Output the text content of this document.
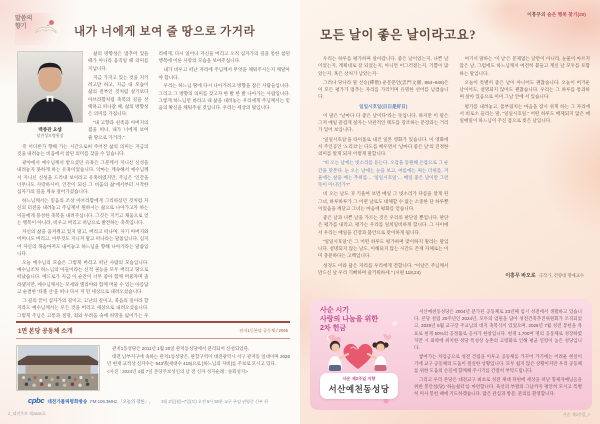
말씀의
향기	내가 너에게 보여 줄 땅으로 가거라
백종관 요셉
당진성모병원장

삶의 방향성은 멈추어 있을 때가 아니라 움직일 때 의미를 지닙니다.

지금 가지고 있는 것을 지키려고만 하고, 지금 내 모습이 삶의 전부인 것처럼 살기보다 아브라함처럼 축복의 길을 선택하고 떠나갈 때, 삶의 방향성은 의미를 가집니다.

“내 고향과 친족과 아버지의 집을 떠나, 내가 너에게 보여 줄 땅으로 가거라.”

즉 어디론가 향해 가는 시간으로써 주어진 삶의 의미는 지금의 것을 내려놓는 비움에서 참된 의미를 찾을 수 있습니다.

광야에서 예수님께서 받으셨던 유혹은 그분께서 지니신 신성을 내려놓지 못하게 하는 유혹이었습니다. 악마는 계속해서 예수님께서 지니신 신성을 드러내 보이라고 유혹하였지만, 주님은 ‘인간을 너무나도 사랑하시어, 인간이 되신 그 비움의 삶’에서부터 시작한 십자가의 길을 계속 걸어가셨습니다.

하느님께서는 믿음의 조상 아브라함에게 그리하셨던 것처럼 자신의 터전을 내려놓고 주님께서 원하시는 삶으로 나아가고자 하는 이들에게 풍성한 축복을 내려주십니다. 그것은 지키고 채움으로 얻는 행복이 아니라, 비우고 버리고 떠남으로 발견하는 축복입니다.

자신의 삶을 움켜쥐고 있지 말고, 버리고 떠나며, 자기 아버지와 어머니도 버리고, 아무것도 지니지 말고 떠나라는 말씀입니다. 심지어 자신의 목숨마저도 내어놓고 하느님을 향해 나아가라는 말씀입니다.

오늘 예수님의 모습은 그렇게 버리고 떠난 사람의 모습입니다. 예수님조차 하느님의 아들이라는 신적 권능을 모두 버리고 땅으로 떠났습니다. 베드로가 지금 이 순간이 너무 좋아 함께 머물자며 졸라댔지만, 예수님께서는 모세와 엘리야와 함께 머물 수 있는 아름답고 순결한 ‘타볼 산’을 떠나 다시 저 먼 세상으로 내려오셨습니다.

그 길의 끝이 십자가의 길이고, 고난의 길이고, 죽음의 길이라 할지라도 예수님께서는 모든 것을 버리고 세상으로 내려오셨습니다. 그렇게 주님은 고통과 절망, 죄와 두려움 속에 희망을 잃어가는 우리에게, 다시 일어나 자신을 버리고 오직 십자가의 길을 통한 참된 행복에 이른 사랑의 모습을 보여주십니다.

내가 비우고 떠난 자리에 주님께서 무엇을 채워주시는지 깨달아야 합니다.

우리는 하느님 땅에 다시 나아가려고 방향을 잡은 사람들입니다. 그리고 그 방향의 의미를 찾고자 한 발 한 발 나아가는 사람입니다. 그렇게 하느님만 바라고 내 삶을 내려놓는 우리에게 주님께서는 믿음의 확신을 채워주실 것입니다. 우리는 세상의 빛입니다.

1면 본당 공동체 소개	관저1동본당 공동체 / 2065

관저1동성당은 2011년 1월 20일 관저동성당에서 분리되어 신설되었다.

대전 남부지구에 속하는 관저1동성당은, 관할구역이 대전광역시 서구 관저동 일대이며 2026년 현재 교적상 신자수는 943명(세대수 419)으로 [하느님의 자비]를 주보로 모시고 있다.

<사진 : 2024년 4월 7일 본당주보성인의 날 전 신자 성지순례 : 솔뫼성지>

cpbc 대전가톨릭평화방송 FM 106.3MHz 「오늘의 강론」,	3월 2일(월)~7일(토) 오전 6시 50분 교구 주임 권영준 신부 편
2_대전주보 제2885호
이흥무의 숨은 행복 찾기(20)
모든 날이 좋은 날이라고요?

우리는 하루를 평가하며 살아갑니다. 좋은 날이었는지, 나쁜 날이었는지, 계획대로 잘 되었는지, 아니면 어그러졌는지, 기쁨이 많았는지, 혹은 상처가 남았는지-

그러나 당나라 말 선승(禪僧) 운문문언(雲門文偃, 864~949)은 이 모든 평가가 멈추는 자리를 가리키며 유명한 선어를 남겼습니다.

일일시호일(日日是好日)

이 말은 “날마다 다 좋은 날이다”라는 뜻입니다. 하지만 이 말은 그저 매일 즐겁게 살자는 낙관적인 태도를 강조하는 문장과는 거리가 있어 보입니다.

‘일일시호일’을 타이틀로 내건 일본 영화가 있습니다. 이 영화에서 주인공인 ‘노리코’는 다도를 배우면서 ‘날마다 좋은 날’의 진정한 의미를 알게 되자 이렇게 말합니다.

“비 오는 날에는 빗소리를 듣는다. 오감을 동원해 온몸으로 그 순간을 맛본다. 눈 오는 날에는 눈을 보고, 여름에는 찌는 더위를, 겨울에는 살을 베는 추위를… ‘일일시호일’… 매일 좋은 날이란 그런 뜻이 아니던가?”

비 오는 날도 귀 기울여 보면 매일 그 빗소리가 다름을 알게 된 그녀, 하루하루가 그 어떤 날로도 대체할 수 없는 소중한 단 하루뿐이었음을 깨닫고 그녀는 마음에 평화를 얻습니다.

좋은 날과 나쁜 날을 가르는 것은 우리의 판단일 뿐입니다. 판단은 평가를 내리고, 평가는 우리를 일희일비하게 합니다. 그 사이에서 우리는 매일을 긴장과 불안으로 맞이하게 됩니다.

“일일시호일”은 그 어떤 하루도 평가하며 맞이하지 말라는 말입니다. 설명되지 않는 날도, 이해되지 않는 시간도 존재 자체로는 이미 충분하다는 고백입니다.

성경도 이와 닮은 자리를 우리에게 전합니다. “이날은 주님께서 만드신 날 우리 기뻐하며 즐거워하세.” (시편 118,24)

여기서 말하는 ‘이 날’은 문제없는 날만이 아니라, 눈물이 마르지 않은 날, 그럼에도 하느님께서 여전히 붙들고 계신 날 모두를 포함하는 말입니다.

오늘이 특별히 좋은 날이 아니어도 괜찮습니다. 오늘이 버거운 날이어도, 설명되지 않아도 괜찮습니다. 우리는 그 하루를 통과하며 살아 있음으로 이미 그날 안에 서 있습니다.

평가를 내려놓고, 몸부림치는 마음을 잠시 쉬게 하는 그 자리에서 비로소 들리는 말, “일일시호일.” 어떤 하루도 배제되지 않은 매일매일이 하느님이 주신 몸으로 빚은 날입니다.

이흥무 바오로 극작가, 건양대 명예교수
사순 시기
사랑의 나눔을 위한
2차 헌금
사순 제2주일 지향
서산예천동성당

서산예천동성당은 2004년 분가된 공동체로 23년째 임시 성전에서 생활하고 있습니다. 본당 설립 20주년인 2024년, 모두의 염원을 담아 성전건축추진위원회가 조직되었고, 2025년 6월 교구장 주교님의 대지 축복식이 있었으며, 2026년 7월 성전 봉헌을 목표로 현재 50%의 공정률로 공사가 한창입니다. 현재 1,700여 명의 공동체로 성장하였지만 시 외곽에 위치한 성당 특성상 농촌의 고령화로 인해 평균 연령이 높은 성당입니다.

쌓여가는 차입금으로 성전 건립을 이루고 공동체를 가꾸어 가기에는 어려운 현실이기에 교구 공동체의 도움이 절실한 상황입니다. 모두 쉽지 않은 상황이지만 우리 공동체를 위한 도움의 손길에 함께해 주시기를 간절히 부탁드립니다.

그리고 우리 본당은 대전교구 최초로 성전 제대 뒤편에 세상을 떠난 형제자매님들을 위한 봉안실(당) ‘하늘쉼터’를 마련합니다. 육신의 부활의 그날까지 평안히 모시고 특별히 미사 봉헌 때에 기도하겠습니다. 많은 관심과 방문, 문의를 환영합니다.

사순 제2주일_7
